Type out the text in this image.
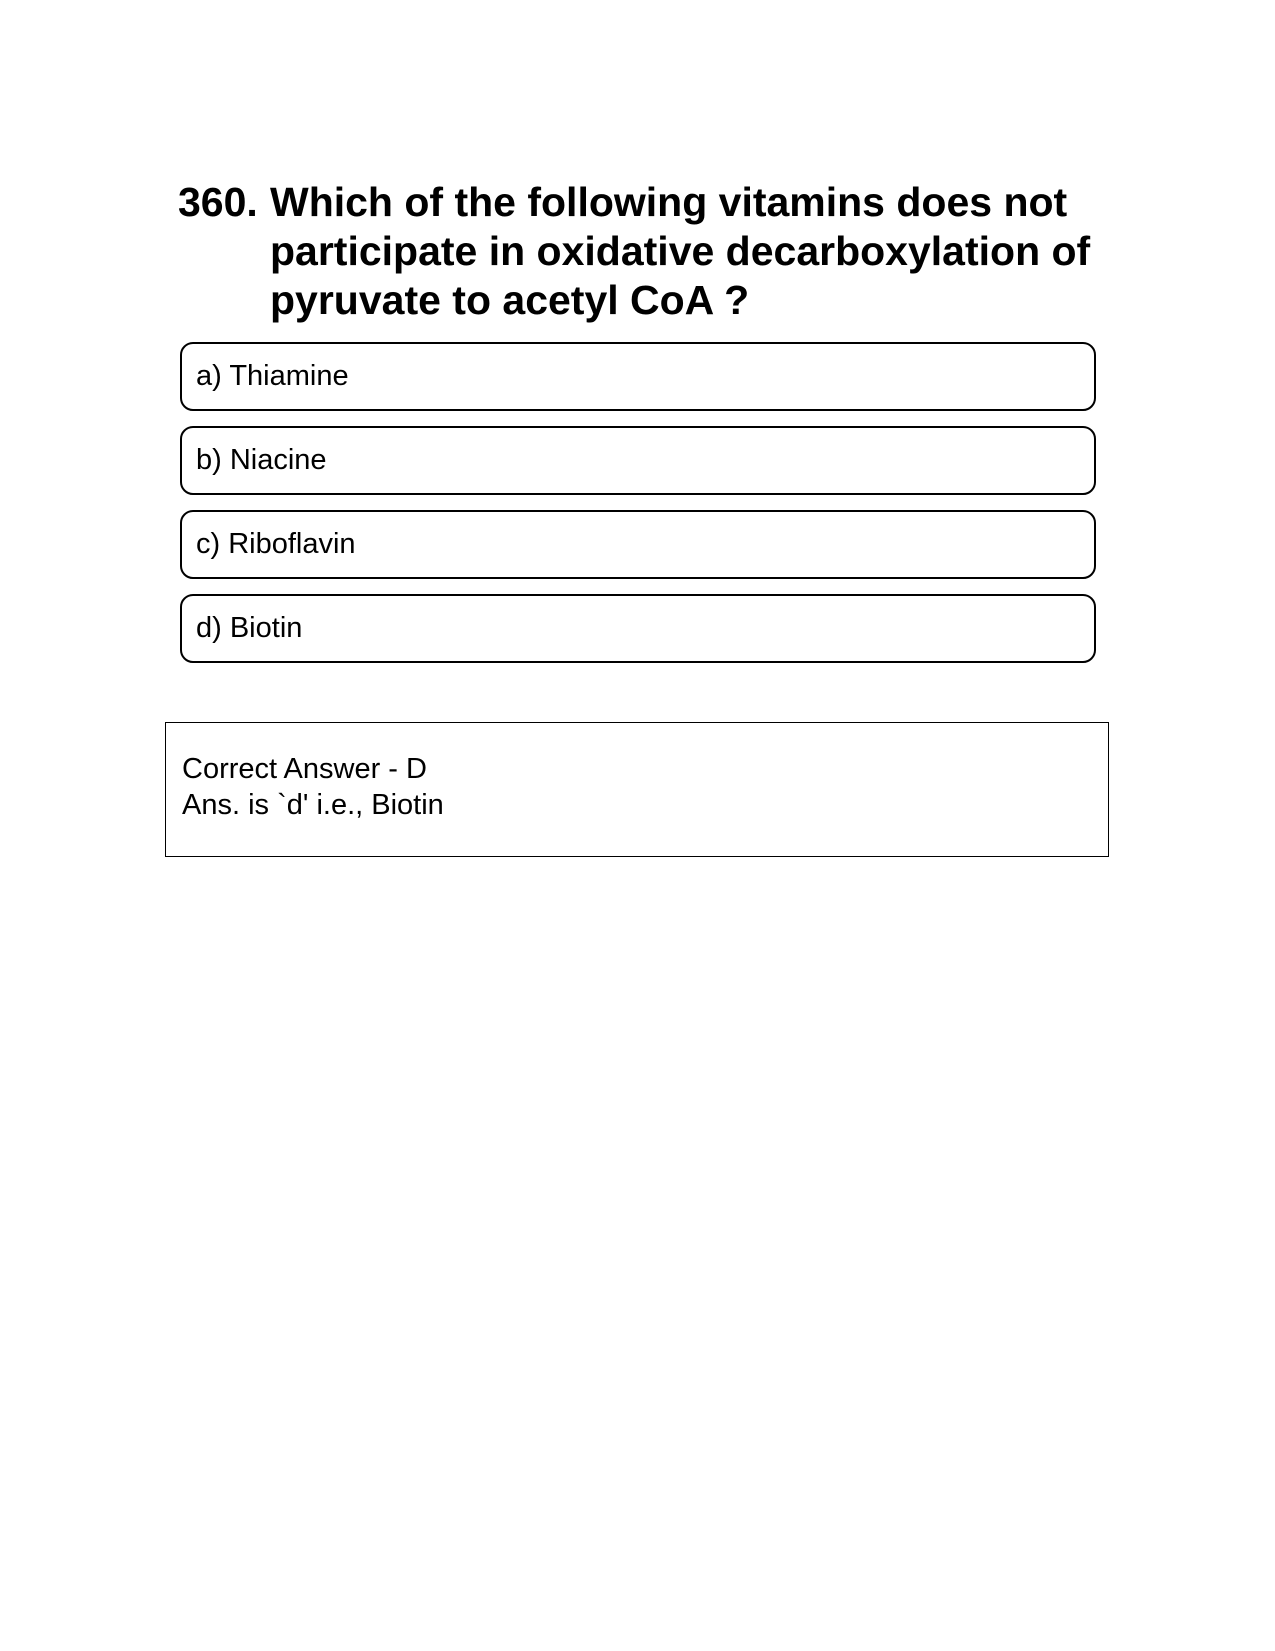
360. Which of the following vitamins does not participate in oxidative decarboxylation of pyruvate to acetyl CoA ?
a) Thiamine
b) Niacine
c) Riboflavin
d) Biotin
Correct Answer - D
Ans. is `d' i.e., Biotin
